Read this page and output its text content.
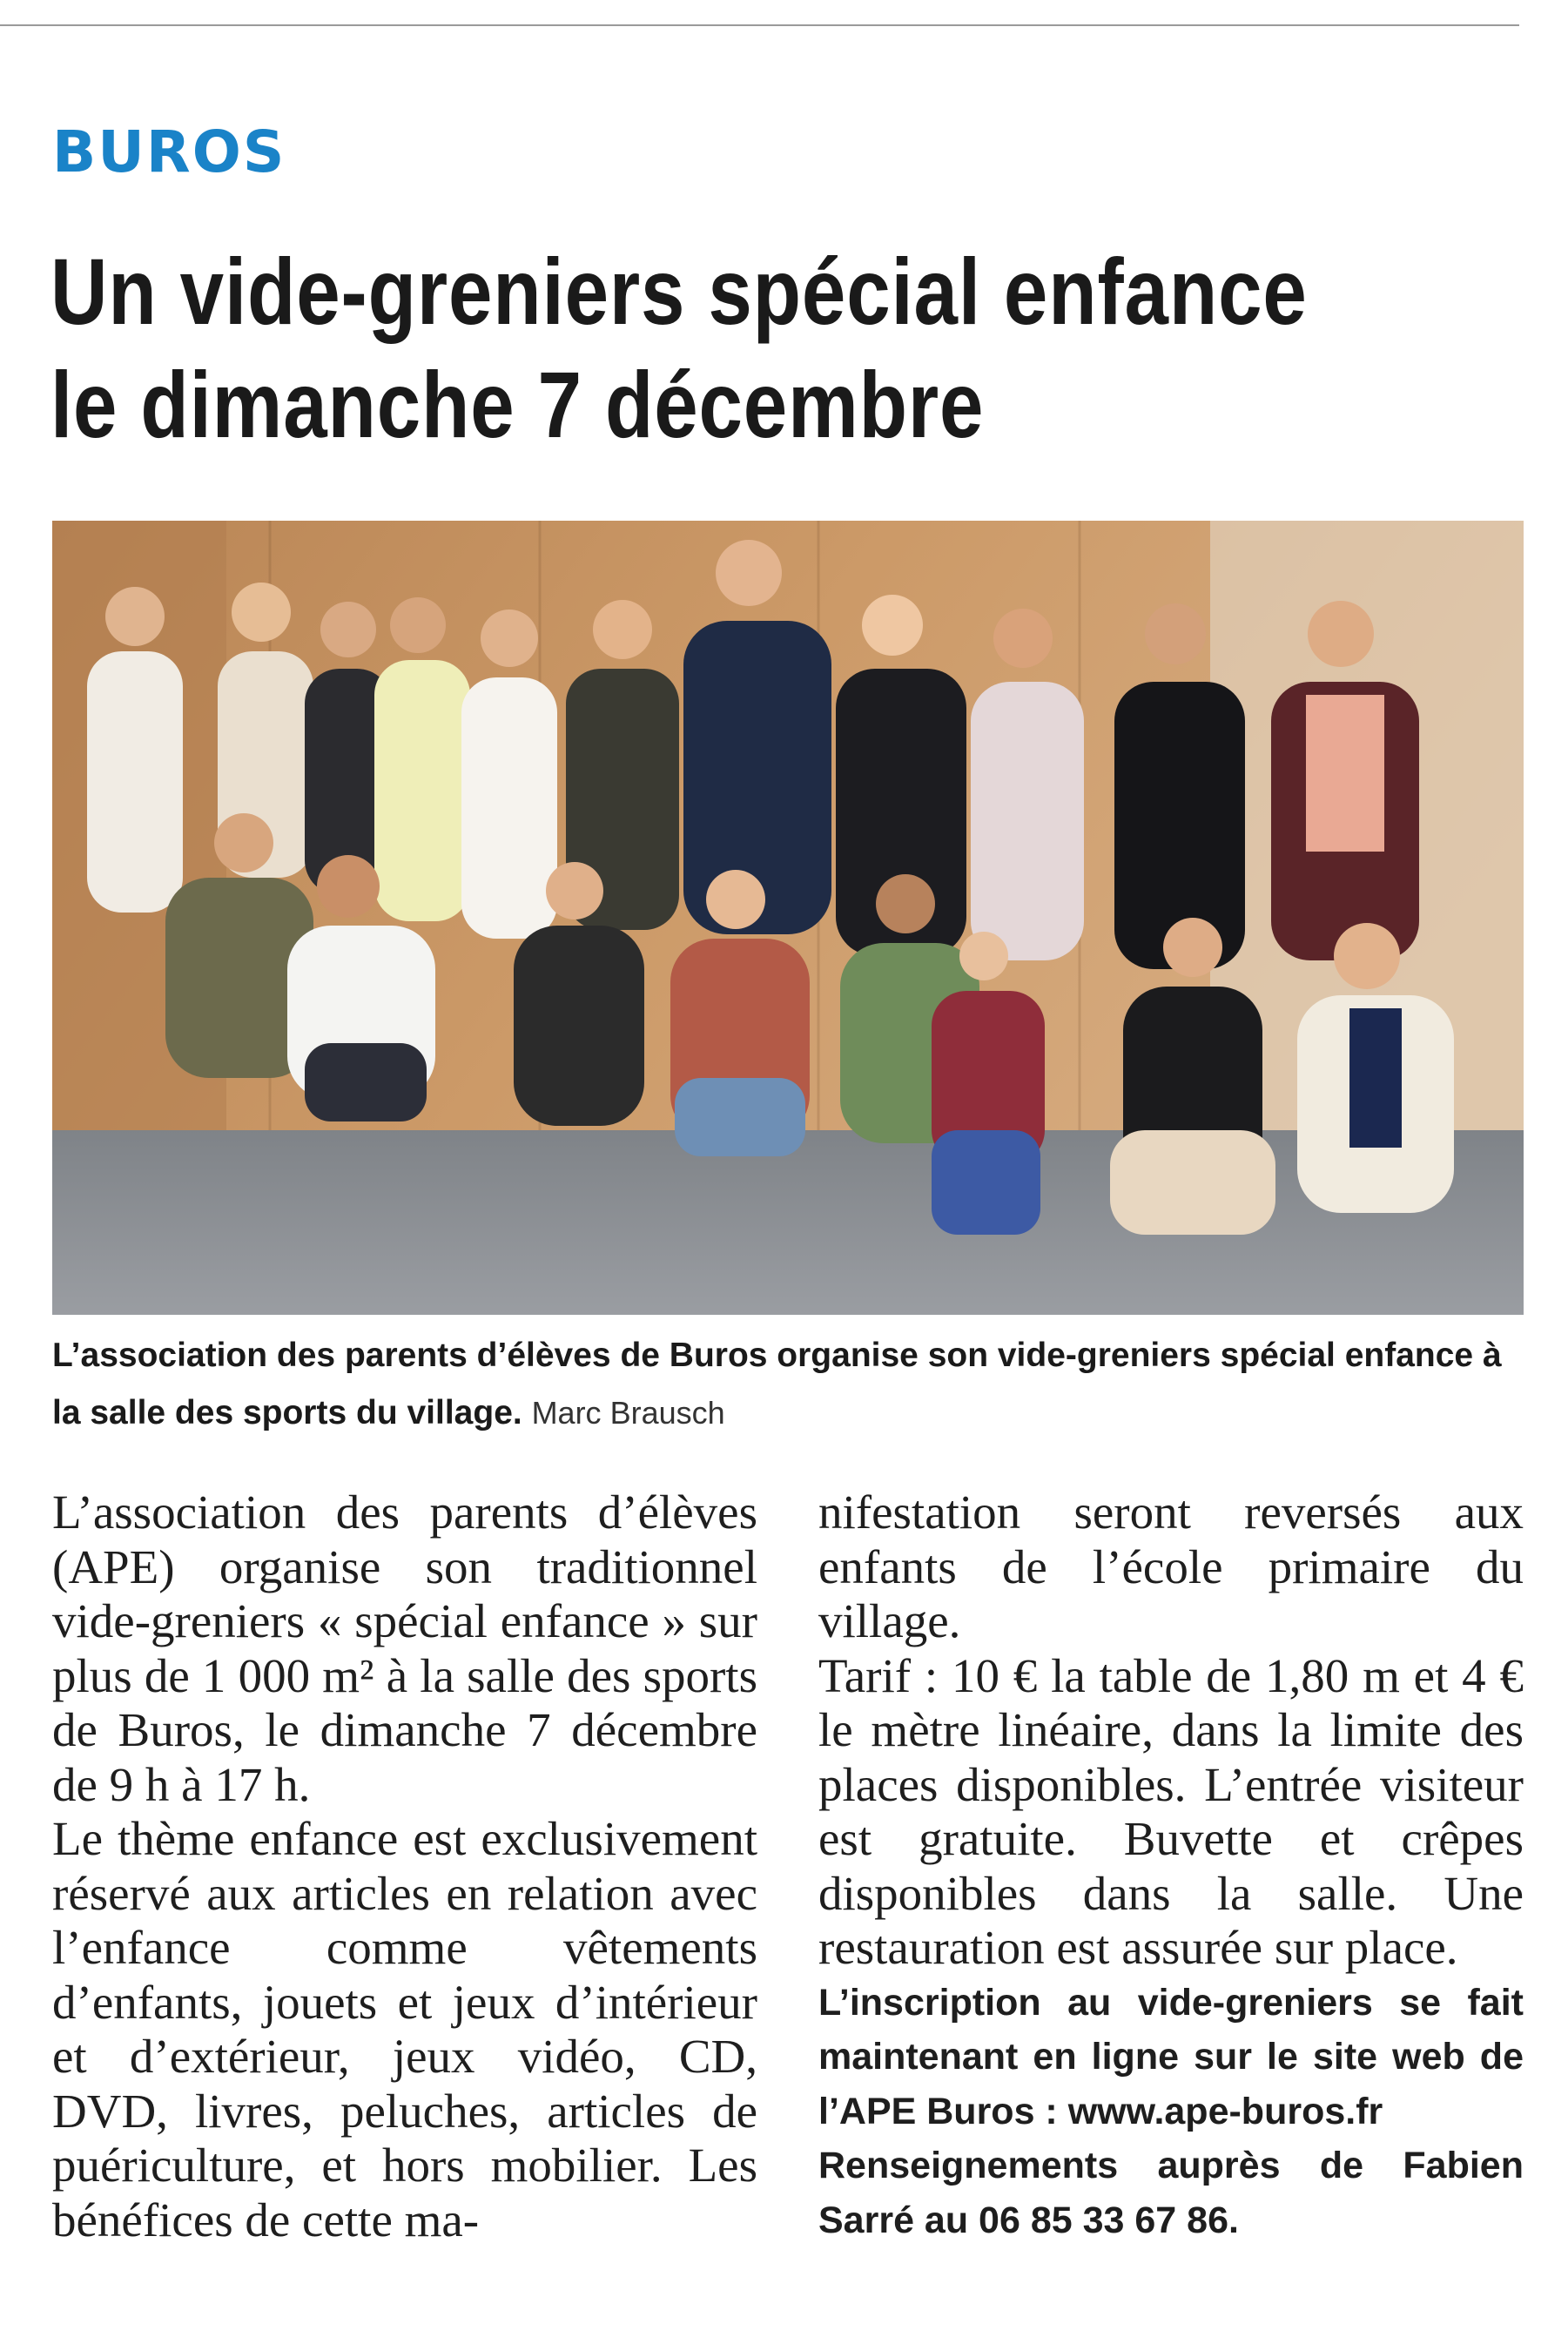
BUROS
Un vide-greniers spécial enfance
le dimanche 7 décembre
L’association des parents d’élèves de Buros organise son vide-greniers spécial enfance à la salle des sports du village. Marc Brausch

L’association des parents d’élèves (APE) organise son traditionnel vide-greniers « spécial enfance » sur plus de 1 000 m² à la salle des sports de Buros, le dimanche 7 décembre de 9 h à 17 h.

Le thème enfance est exclusivement réservé aux articles en relation avec l’enfance comme vêtements d’enfants, jouets et jeux d’intérieur et d’extérieur, jeux vidéo, CD, DVD, livres, peluches, articles de puériculture, et hors mobilier. Les bénéfices de cette ma-

nifestation seront reversés aux enfants de l’école primaire du village.

Tarif : 10 € la table de 1,80 m et 4 € le mètre linéaire, dans la limite des places disponibles. L’entrée visiteur est gratuite. Buvette et crêpes disponibles dans la salle. Une restauration est assurée sur place.

L’inscription au vide-greniers se fait maintenant en ligne sur le site web de l’APE Buros : www.ape-buros.fr

Renseignements auprès de Fabien Sarré au 06 85 33 67 86.
